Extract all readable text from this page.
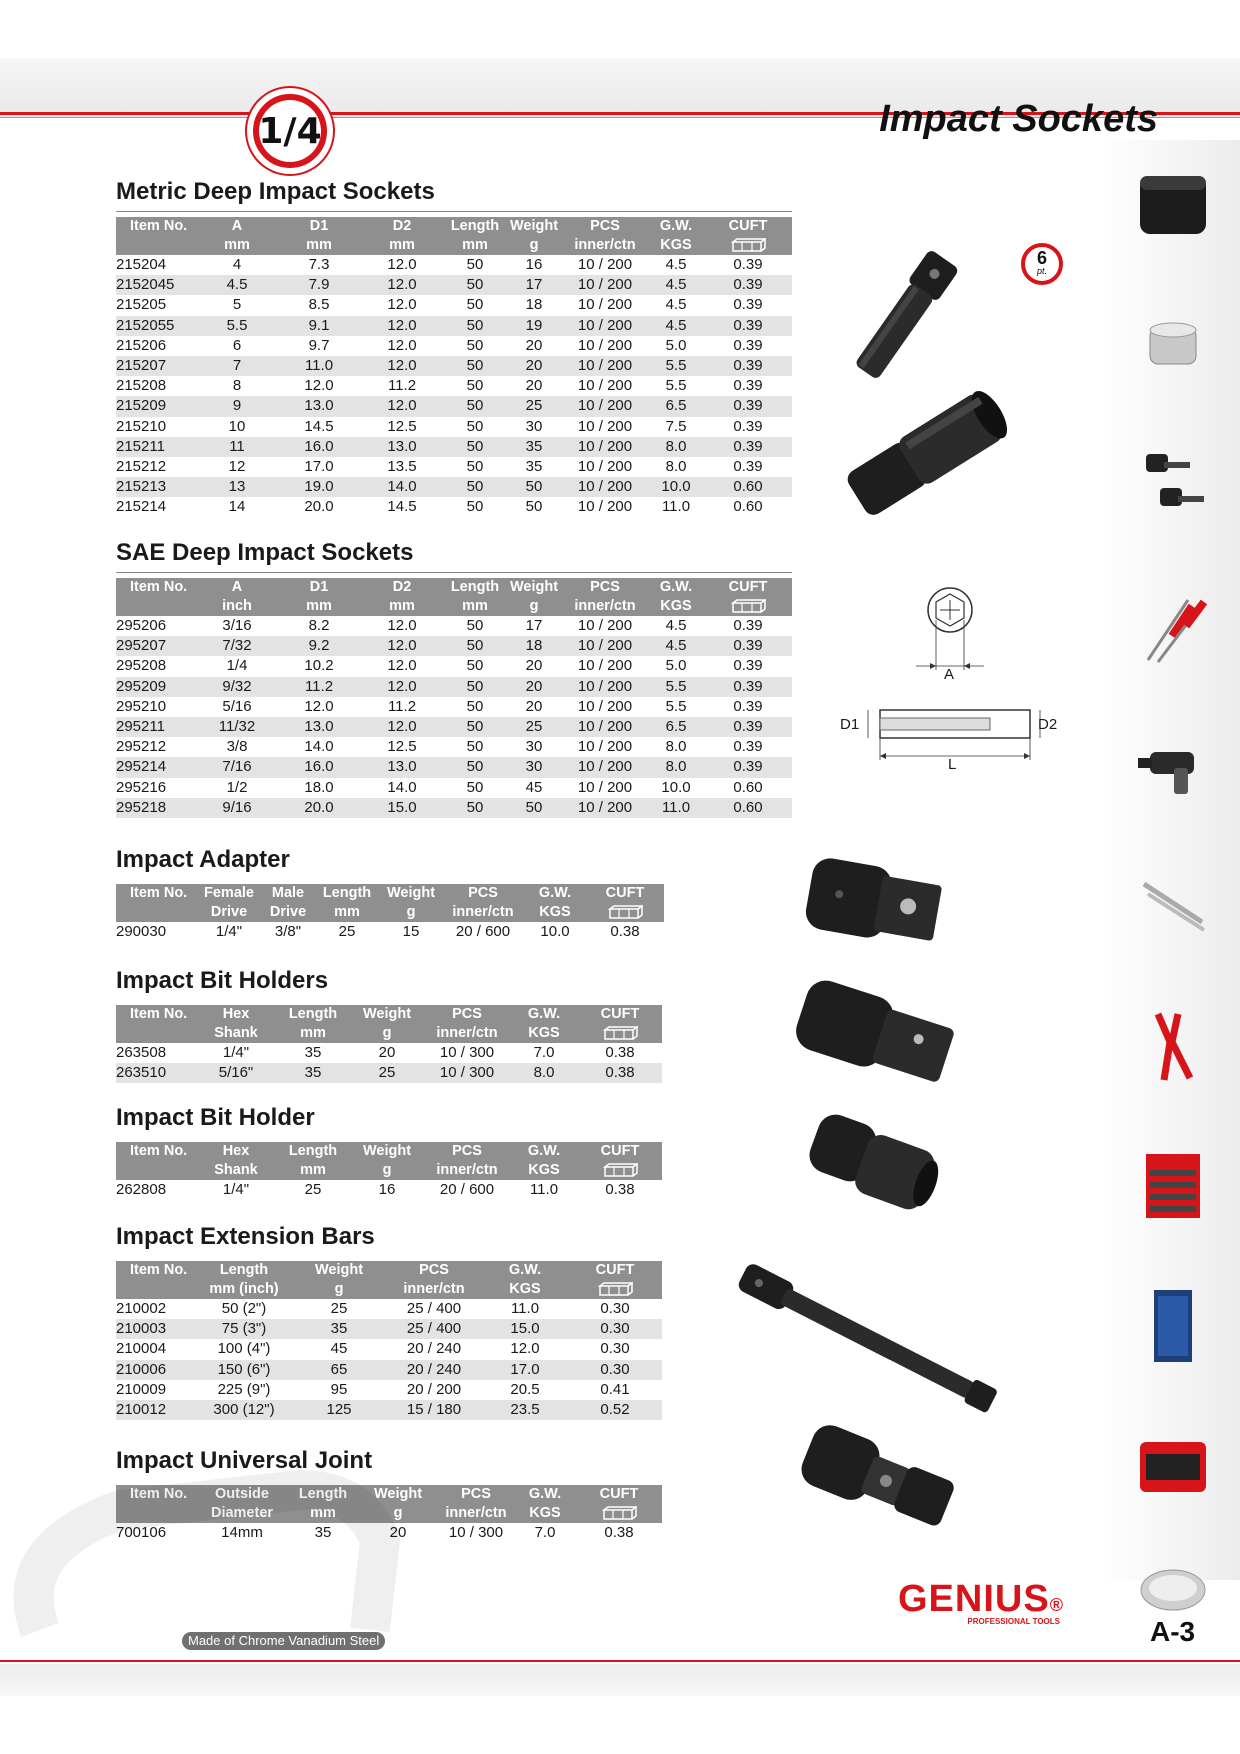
1/4	Impact Sockets
6
pt.
Metric Deep Impact Sockets
Item No.	A	D1	D2	Length	Weight	PCS	G.W.	CUFT
	mm	mm	mm	mm	g	inner/ctn	KGS	
215204	4	7.3	12.0	50	16	10 / 200	4.5	0.39
2152045	4.5	7.9	12.0	50	17	10 / 200	4.5	0.39
215205	5	8.5	12.0	50	18	10 / 200	4.5	0.39
2152055	5.5	9.1	12.0	50	19	10 / 200	4.5	0.39
215206	6	9.7	12.0	50	20	10 / 200	5.0	0.39
215207	7	11.0	12.0	50	20	10 / 200	5.5	0.39
215208	8	12.0	11.2	50	20	10 / 200	5.5	0.39
215209	9	13.0	12.0	50	25	10 / 200	6.5	0.39
215210	10	14.5	12.5	50	30	10 / 200	7.5	0.39
215211	11	16.0	13.0	50	35	10 / 200	8.0	0.39
215212	12	17.0	13.5	50	35	10 / 200	8.0	0.39
215213	13	19.0	14.0	50	50	10 / 200	10.0	0.60
215214	14	20.0	14.5	50	50	10 / 200	11.0	0.60
SAE Deep Impact Sockets
Item No.	A	D1	D2	Length	Weight	PCS	G.W.	CUFT
	inch	mm	mm	mm	g	inner/ctn	KGS	
295206	3/16	8.2	12.0	50	17	10 / 200	4.5	0.39
295207	7/32	9.2	12.0	50	18	10 / 200	4.5	0.39
295208	1/4	10.2	12.0	50	20	10 / 200	5.0	0.39
295209	9/32	11.2	12.0	50	20	10 / 200	5.5	0.39
295210	5/16	12.0	11.2	50	20	10 / 200	5.5	0.39
295211	11/32	13.0	12.0	50	25	10 / 200	6.5	0.39
295212	3/8	14.0	12.5	50	30	10 / 200	8.0	0.39
295214	7/16	16.0	13.0	50	30	10 / 200	8.0	0.39
295216	1/2	18.0	14.0	50	45	10 / 200	10.0	0.60
295218	9/16	20.0	15.0	50	50	10 / 200	11.0	0.60
Impact Adapter
Item No.	Female	Male	Length	Weight	PCS	G.W.	CUFT
	Drive	Drive	mm	g	inner/ctn	KGS	
290030	1/4"	3/8"	25	15	20 / 600	10.0	0.38
Impact Bit Holders
Item No.	Hex	Length	Weight	PCS	G.W.	CUFT
	Shank	mm	g	inner/ctn	KGS	
263508	1/4"	35	20	10 / 300	7.0	0.38
263510	5/16"	35	25	10 / 300	8.0	0.38
Impact Bit Holder
Item No.	Hex	Length	Weight	PCS	G.W.	CUFT
	Shank	mm	g	inner/ctn	KGS	
262808	1/4"	25	16	20 / 600	11.0	0.38
Impact Extension Bars
Item No.	Length	Weight	PCS	G.W.	CUFT
	mm (inch)	g	inner/ctn	KGS	
210002	50 (2")	25	25 / 400	11.0	0.30
210003	75 (3")	35	25 / 400	15.0	0.30
210004	100 (4")	45	20 / 240	12.0	0.30
210006	150 (6")	65	20 / 240	17.0	0.30
210009	225 (9")	95	20 / 200	20.5	0.41
210012	300 (12")	125	15 / 180	23.5	0.52
Impact Universal Joint
Item No.	Outside	Length	Weight	PCS	G.W.	CUFT
	Diameter	mm	g	inner/ctn	KGS	
700106	14mm	35	20	10 / 300	7.0	0.38
A
D1	D2
L
Made of Chrome Vanadium Steel
GENIUS®
PROFESSIONAL TOOLS	A-3
